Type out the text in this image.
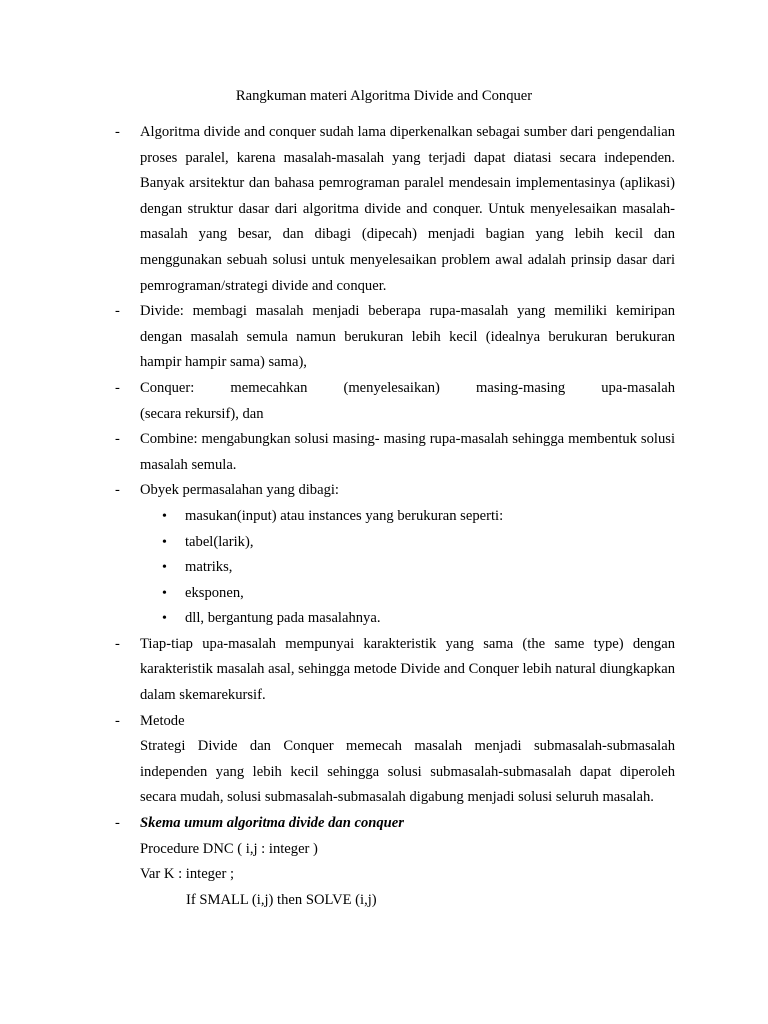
Rangkuman materi Algoritma Divide and Conquer
- Algoritma divide and conquer sudah lama diperkenalkan sebagai sumber dari pengendalian proses paralel, karena masalah-masalah yang terjadi dapat diatasi secara independen. Banyak arsitektur dan bahasa pemrograman paralel mendesain implementasinya (aplikasi) dengan struktur dasar dari algoritma divide and conquer. Untuk menyelesaikan masalah-masalah yang besar, dan dibagi (dipecah) menjadi bagian yang lebih kecil dan menggunakan sebuah solusi untuk menyelesaikan problem awal adalah prinsip dasar dari pemrograman/strategi divide and conquer.

- Divide: membagi masalah menjadi beberapa rupa-masalah yang memiliki kemiripan dengan masalah semula namun berukuran lebih kecil (idealnya berukuran berukuran hampir hampir sama) sama),

- Conquer: memecahkan (menyelesaikan) masing-masing upa-masalah

(secara rekursif), dan

- Combine: mengabungkan solusi masing- masing rupa-masalah sehingga membentuk solusi masalah semula.

- Obyek permasalahan yang dibagi:

• masukan(input) atau instances yang berukuran seperti:
• tabel(larik),
• matriks,
• eksponen,
• dll, bergantung pada masalahnya.
- Tiap-tiap upa-masalah mempunyai karakteristik yang sama (the same type) dengan karakteristik masalah asal, sehingga metode Divide and Conquer lebih natural diungkapkan dalam skemarekursif.

- Metode

Strategi Divide dan Conquer memecah masalah menjadi submasalah-submasalah independen yang lebih kecil sehingga solusi submasalah-submasalah dapat diperoleh secara mudah, solusi submasalah-submasalah digabung menjadi solusi seluruh masalah.

- Skema umum algoritma divide dan conquer

Procedure DNC ( i,j : integer )

Var K : integer ;

If SMALL (i,j) then SOLVE (i,j)
